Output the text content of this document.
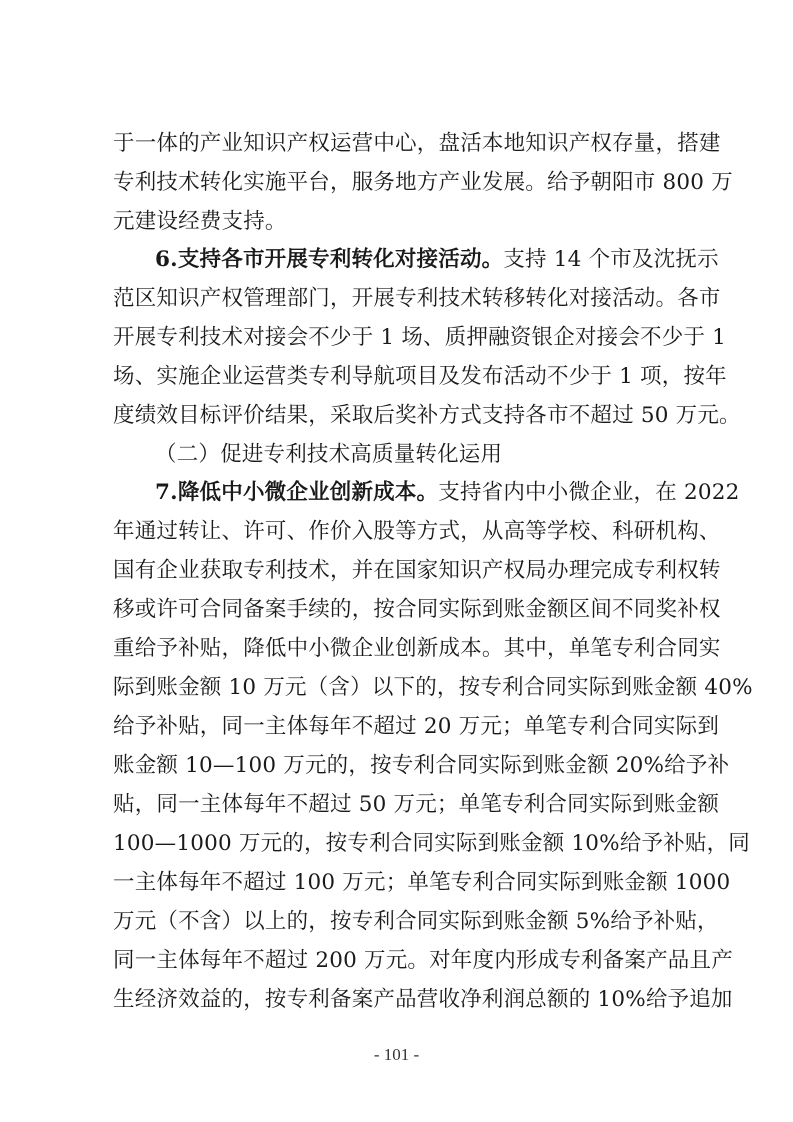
于一体的产业知识产权运营中心，盘活本地知识产权存量，搭建
专利技术转化实施平台，服务地方产业发展。给予朝阳市 800 万
元建设经费支持。
6.支持各市开展专利转化对接活动。支持 14 个市及沈抚示
范区知识产权管理部门，开展专利技术转移转化对接活动。各市
开展专利技术对接会不少于 1 场、质押融资银企对接会不少于 1
场、实施企业运营类专利导航项目及发布活动不少于 1 项，按年
度绩效目标评价结果，采取后奖补方式支持各市不超过 50 万元。
（二）促进专利技术高质量转化运用
7.降低中小微企业创新成本。支持省内中小微企业，在 2022
年通过转让、许可、作价入股等方式，从高等学校、科研机构、
国有企业获取专利技术，并在国家知识产权局办理完成专利权转
移或许可合同备案手续的，按合同实际到账金额区间不同奖补权
重给予补贴，降低中小微企业创新成本。其中，单笔专利合同实
际到账金额 10 万元（含）以下的，按专利合同实际到账金额 40%
给予补贴，同一主体每年不超过 20 万元；单笔专利合同实际到
账金额 10—100 万元的，按专利合同实际到账金额 20%给予补
贴，同一主体每年不超过 50 万元；单笔专利合同实际到账金额
100—1000 万元的，按专利合同实际到账金额 10%给予补贴，同
一主体每年不超过 100 万元；单笔专利合同实际到账金额 1000
万元（不含）以上的，按专利合同实际到账金额 5%给予补贴，
同一主体每年不超过 200 万元。对年度内形成专利备案产品且产
生经济效益的，按专利备案产品营收净利润总额的 10%给予追加
- 101 -
